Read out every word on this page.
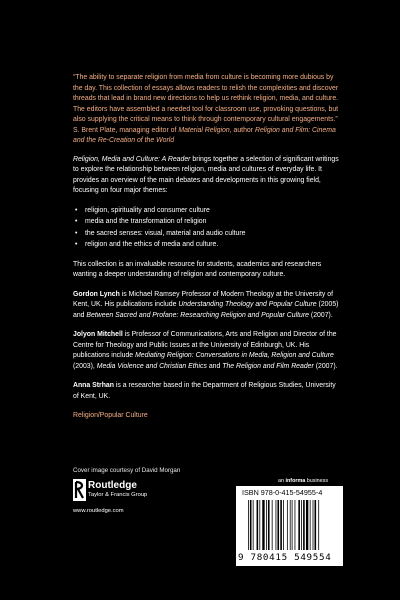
“The ability to separate religion from media from culture is becoming more dubious by the day. This collection of essays allows readers to relish the complexities and discover threads that lead in brand new directions to help us rethink religion, media, and culture. The editors have assembled a needed tool for classroom use, provoking questions, but also supplying the critical means to think through contemporary cultural engagements.”
S. Brent Plate, managing editor of Material Religion, author Religion and Film: Cinema and the Re-Creation of the World
Religion, Media and Culture: A Reader brings together a selection of significant writings to explore the relationship between religion, media and cultures of everyday life. It provides an overview of the main debates and developments in this growing field, focusing on four major themes:
• religion, spirituality and consumer culture
• media and the transformation of religion
• the sacred senses: visual, material and audio culture
• religion and the ethics of media and culture.
This collection is an invaluable resource for students, academics and researchers wanting a deeper understanding of religion and contemporary culture.
Gordon Lynch is Michael Ramsey Professor of Modern Theology at the University of Kent, UK. His publications include Understanding Theology and Popular Culture (2005) and Between Sacred and Profane: Researching Religion and Popular Culture (2007).
Jolyon Mitchell is Professor of Communications, Arts and Religion and Director of the Centre for Theology and Public Issues at the University of Edinburgh, UK. His publications include Mediating Religion: Conversations in Media, Religion and Culture (2003), Media Violence and Christian Ethics and The Religion and Film Reader (2007).
Anna Strhan is a researcher based in the Department of Religious Studies, University of Kent, UK.
Religion/Popular Culture
Cover image courtesy of David Morgan
Routledge
Taylor & Francis Group
www.routledge.com
an informa business
ISBN 978-0-415-54955-4
9 780415 549554
